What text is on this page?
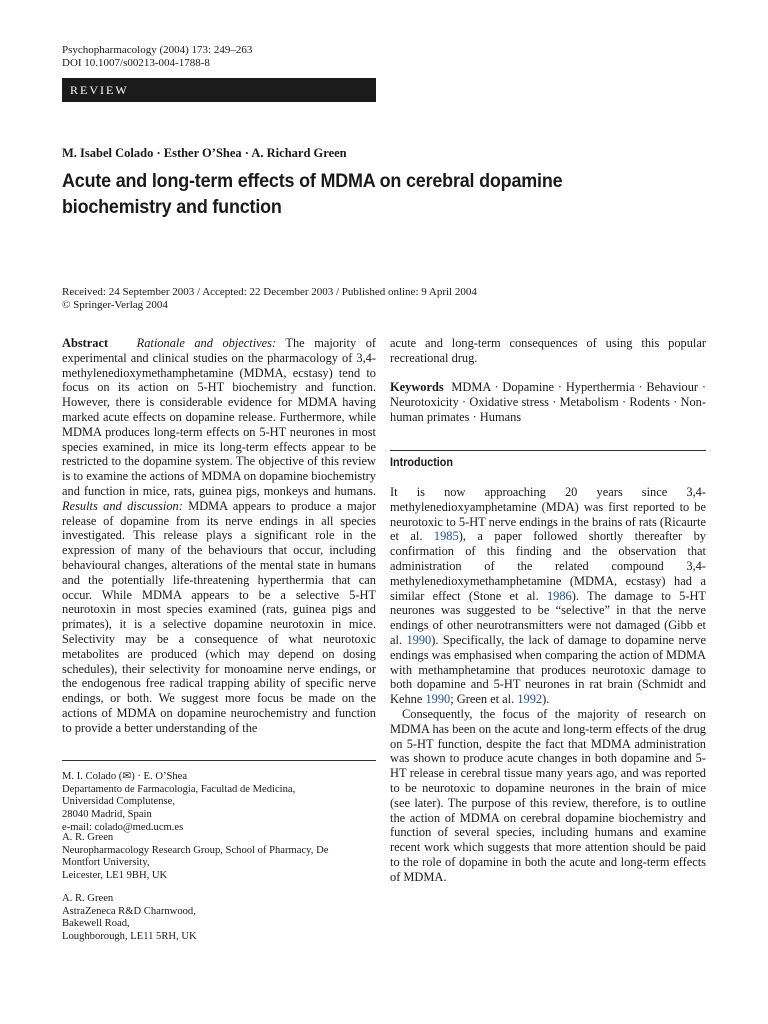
Psychopharmacology (2004) 173: 249–263
DOI 10.1007/s00213-004-1788-8
REVIEW
M. Isabel Colado · Esther O’Shea · A. Richard Green
Acute and long-term effects of MDMA on cerebral dopamine
biochemistry and function
Received: 24 September 2003 / Accepted: 22 December 2003 / Published online: 9 April 2004
© Springer-Verlag 2004

Abstract Rationale and objectives: The majority of experimental and clinical studies on the pharmacology of 3,4-methylenedioxymethamphetamine (MDMA, ecstasy) tend to focus on its action on 5-HT biochemistry and function. However, there is considerable evidence for MDMA having marked acute effects on dopamine release. Furthermore, while MDMA produces long-term effects on 5-HT neurones in most species examined, in mice its long-term effects appear to be restricted to the dopamine system. The objective of this review is to examine the actions of MDMA on dopamine biochemistry and function in mice, rats, guinea pigs, monkeys and humans. Results and discussion: MDMA appears to produce a major release of dopamine from its nerve endings in all species investigated. This release plays a significant role in the expression of many of the behaviours that occur, including behavioural changes, alterations of the mental state in humans and the potentially life-threatening hyperthermia that can occur. While MDMA appears to be a selective 5-HT neurotoxin in most species examined (rats, guinea pigs and primates), it is a selective dopamine neurotoxin in mice. Selectivity may be a consequence of what neurotoxic metabolites are produced (which may depend on dosing schedules), their selectivity for monoamine nerve endings, or the endogenous free radical trapping ability of specific nerve endings, or both. We suggest more focus be made on the actions of MDMA on dopamine neurochemistry and function to provide a better understanding of the

M. I. Colado (✉) · E. O’Shea
Departamento de Farmacologia, Facultad de Medicina,
Universidad Complutense,
28040 Madrid, Spain
e-mail: colado@med.ucm.es
A. R. Green
Neuropharmacology Research Group, School of Pharmacy, De
Montfort University,
Leicester, LE1 9BH, UK
A. R. Green
AstraZeneca R&D Charnwood,
Bakewell Road,
Loughborough, LE11 5RH, UK

acute and long-term consequences of using this popular recreational drug.

Keywords MDMA · Dopamine · Hyperthermia · Behaviour · Neurotoxicity · Oxidative stress · Metabolism · Rodents · Non-human primates · Humans

Introduction

It is now approaching 20 years since 3,4-methylenedioxyamphetamine (MDA) was first reported to be neurotoxic to 5-HT nerve endings in the brains of rats (Ricaurte et al. 1985), a paper followed shortly thereafter by confirmation of this finding and the observation that administration of the related compound 3,4-methylenedioxymethamphetamine (MDMA, ecstasy) had a similar effect (Stone et al. 1986). The damage to 5-HT neurones was suggested to be “selective” in that the nerve endings of other neurotransmitters were not damaged (Gibb et al. 1990). Specifically, the lack of damage to dopamine nerve endings was emphasised when comparing the action of MDMA with methamphetamine that produces neurotoxic damage to both dopamine and 5-HT neurones in rat brain (Schmidt and Kehne 1990; Green et al. 1992).

Consequently, the focus of the majority of research on MDMA has been on the acute and long-term effects of the drug on 5-HT function, despite the fact that MDMA administration was shown to produce acute changes in both dopamine and 5-HT release in cerebral tissue many years ago, and was reported to be neurotoxic to dopamine neurones in the brain of mice (see later). The purpose of this review, therefore, is to outline the action of MDMA on cerebral dopamine biochemistry and function of several species, including humans and examine recent work which suggests that more attention should be paid to the role of dopamine in both the acute and long-term effects of MDMA.
